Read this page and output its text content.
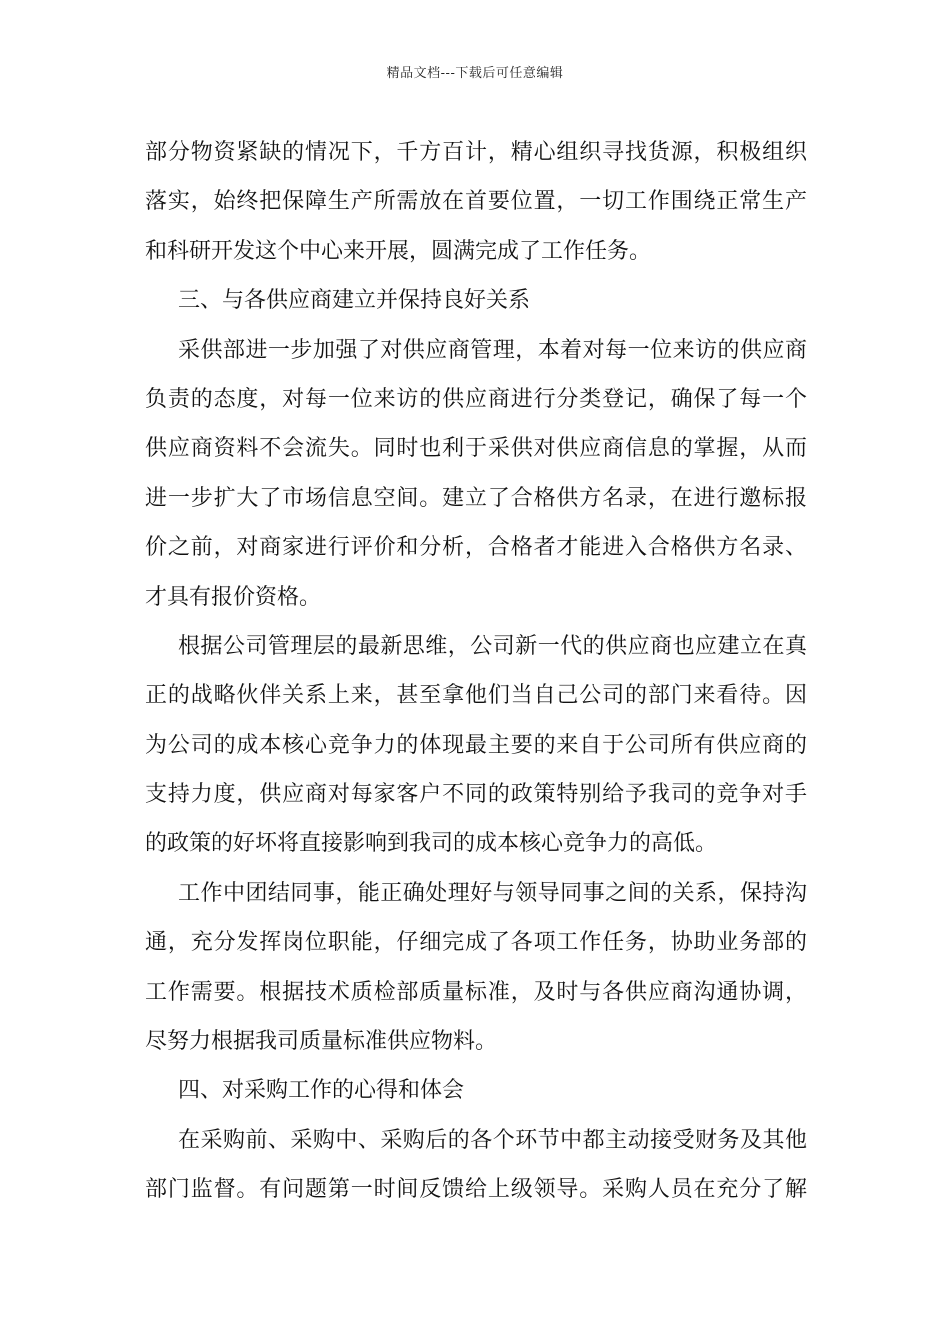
精品文档---下载后可任意编辑
部分物资紧缺的情况下，千方百计，精心组织寻找货源，积极组织
落实，始终把保障生产所需放在首要位置，一切工作围绕正常生产
和科研开发这个中心来开展，圆满完成了工作任务。
三、与各供应商建立并保持良好关系
采供部进一步加强了对供应商管理，本着对每一位来访的供应商
负责的态度，对每一位来访的供应商进行分类登记，确保了每一个
供应商资料不会流失。同时也利于采供对供应商信息的掌握，从而
进一步扩大了市场信息空间。建立了合格供方名录，在进行邀标报
价之前，对商家进行评价和分析，合格者才能进入合格供方名录、
才具有报价资格。
根据公司管理层的最新思维，公司新一代的供应商也应建立在真
正的战略伙伴关系上来，甚至拿他们当自己公司的部门来看待。因
为公司的成本核心竞争力的体现最主要的来自于公司所有供应商的
支持力度，供应商对每家客户不同的政策特别给予我司的竞争对手
的政策的好坏将直接影响到我司的成本核心竞争力的高低。
工作中团结同事，能正确处理好与领导同事之间的关系，保持沟
通，充分发挥岗位职能，仔细完成了各项工作任务，协助业务部的
工作需要。根据技术质检部质量标准，及时与各供应商沟通协调，
尽努力根据我司质量标准供应物料。
四、对采购工作的心得和体会
在采购前、采购中、采购后的各个环节中都主动接受财务及其他
部门监督。有问题第一时间反馈给上级领导。采购人员在充分了解
